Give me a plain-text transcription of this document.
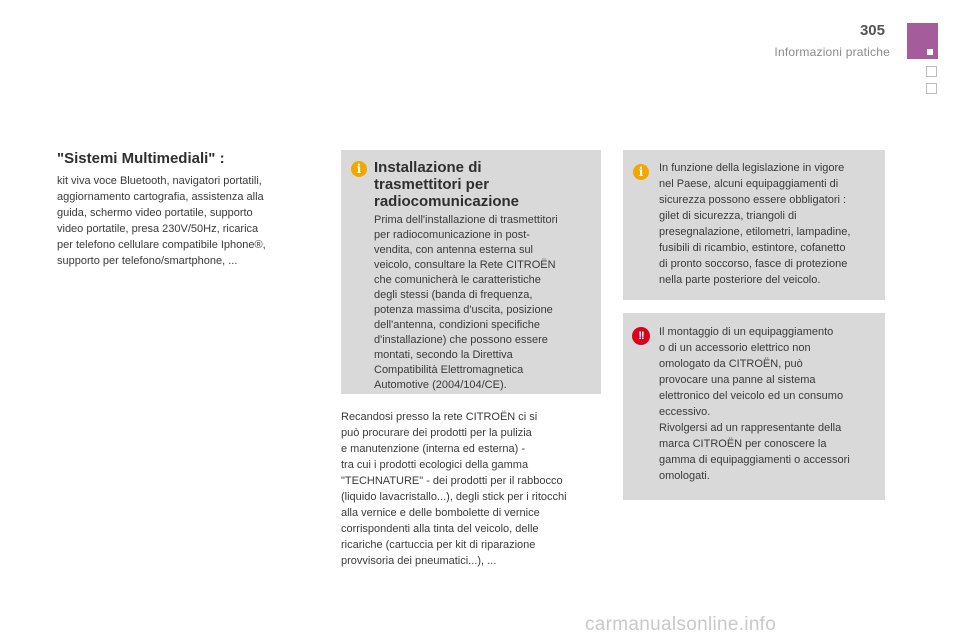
305
Informazioni pratiche
"Sistemi Multimediali" :

kit viva voce Bluetooth, navigatori portatili,
aggiornamento cartografia, assistenza alla
guida, schermo video portatile, supporto
video portatile, presa 230V/50Hz, ricarica
per telefono cellulare compatibile Iphone®,
supporto per telefono/smartphone, ...

i Installazione di
trasmettitori per
radiocomunicazione

Prima dell'installazione di trasmettitori
per radiocomunicazione in post-
vendita, con antenna esterna sul
veicolo, consultare la Rete CITROËN
che comunicherà le caratteristiche
degli stessi (banda di frequenza,
potenza massima d'uscita, posizione
dell'antenna, condizioni specifiche
d'installazione) che possono essere
montati, secondo la Direttiva
Compatibilità Elettromagnetica
Automotive (2004/104/CE).

Recandosi presso la rete CITROËN ci si
può procurare dei prodotti per la pulizia
e manutenzione (interna ed esterna) -
tra cui i prodotti ecologici della gamma
"TECHNATURE" - dei prodotti per il rabbocco
(liquido lavacristallo...), degli stick per i ritocchi
alla vernice e delle bombolette di vernice
corrispondenti alla tinta del veicolo, delle
ricariche (cartuccia per kit di riparazione
provvisoria dei pneumatici...), ...

i	In funzione della legislazione in vigore
nel Paese, alcuni equipaggiamenti di
sicurezza possono essere obbligatori :
gilet di sicurezza, triangoli di
presegnalazione, etilometri, lampadine,
fusibili di ricambio, estintore, cofanetto
di pronto soccorso, fasce di protezione
nella parte posteriore del veicolo.

!!	Il montaggio di un equipaggiamento
o di un accessorio elettrico non
omologato da CITROËN, può
provocare una panne al sistema
elettronico del veicolo ed un consumo
eccessivo.
Rivolgersi ad un rappresentante della
marca CITROËN per conoscere la
gamma di equipaggiamenti o accessori
omologati.

carmanualsonline.info
